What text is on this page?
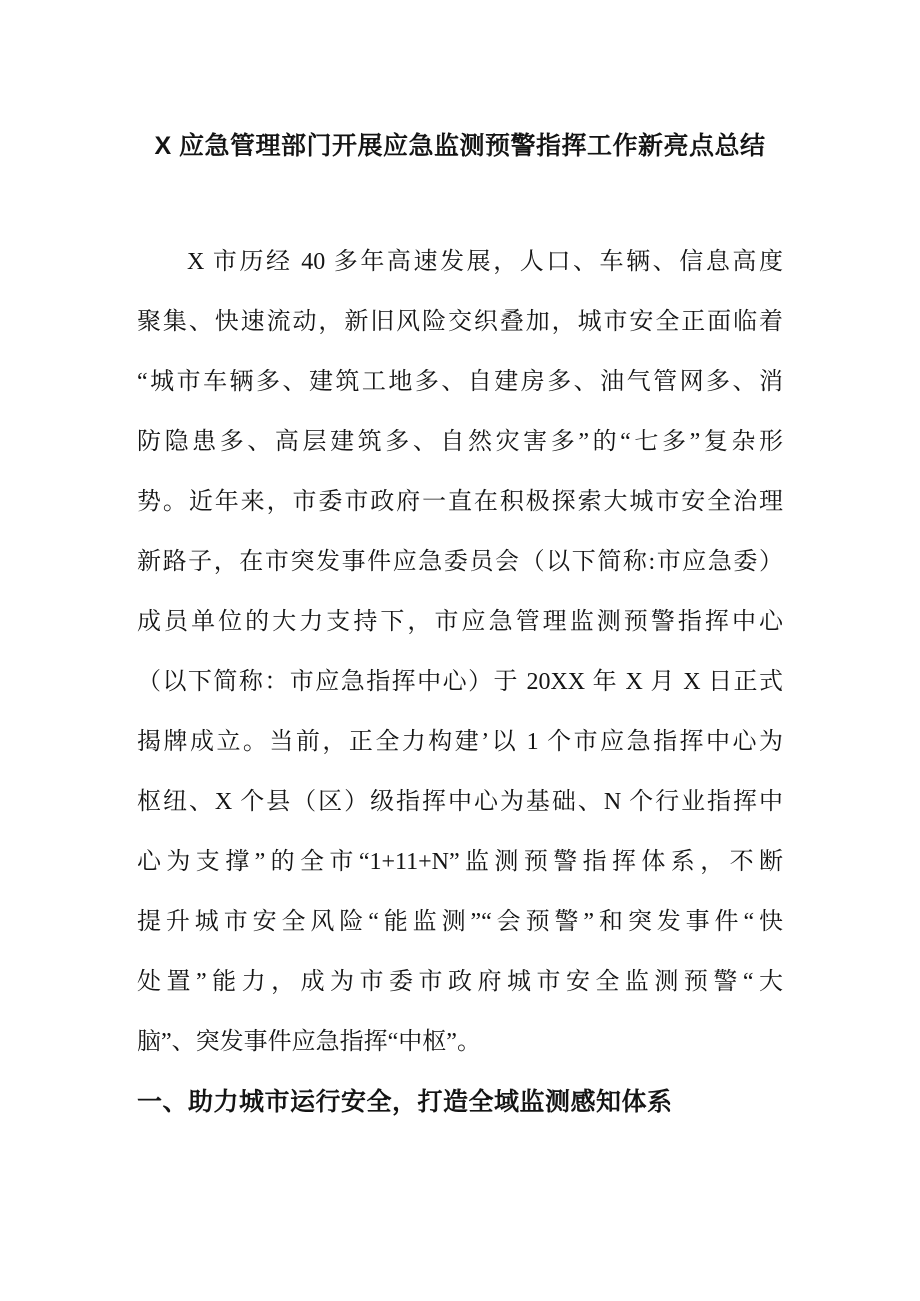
X 应急管理部门开展应急监测预警指挥工作新亮点总结
X 市历经 40 多年高速发展，人口、车辆、信息高度
聚集、快速流动，新旧风险交织叠加，城市安全正面临着
“城市车辆多、建筑工地多、自建房多、油气管网多、消
防隐患多、高层建筑多、自然灾害多”的“七多”复杂形
势。近年来，市委市政府一直在积极探索大城市安全治理
新路子，在市突发事件应急委员会（以下简称:市应急委）
成员单位的大力支持下，市应急管理监测预警指挥中心
（以下简称：市应急指挥中心）于 20XX 年 X 月 X 日正式
揭牌成立。当前，正全力构建’以 1 个市应急指挥中心为
枢纽、X 个县（区）级指挥中心为基础、N 个行业指挥中
心为支撑”的全市“1+11+N”监测预警指挥体系，不断
提升城市安全风险“能监测”“会预警”和突发事件“快
处置”能力，成为市委市政府城市安全监测预警“大
脑”、突发事件应急指挥“中枢”。
一、助力城市运行安全，打造全域监测感知体系
